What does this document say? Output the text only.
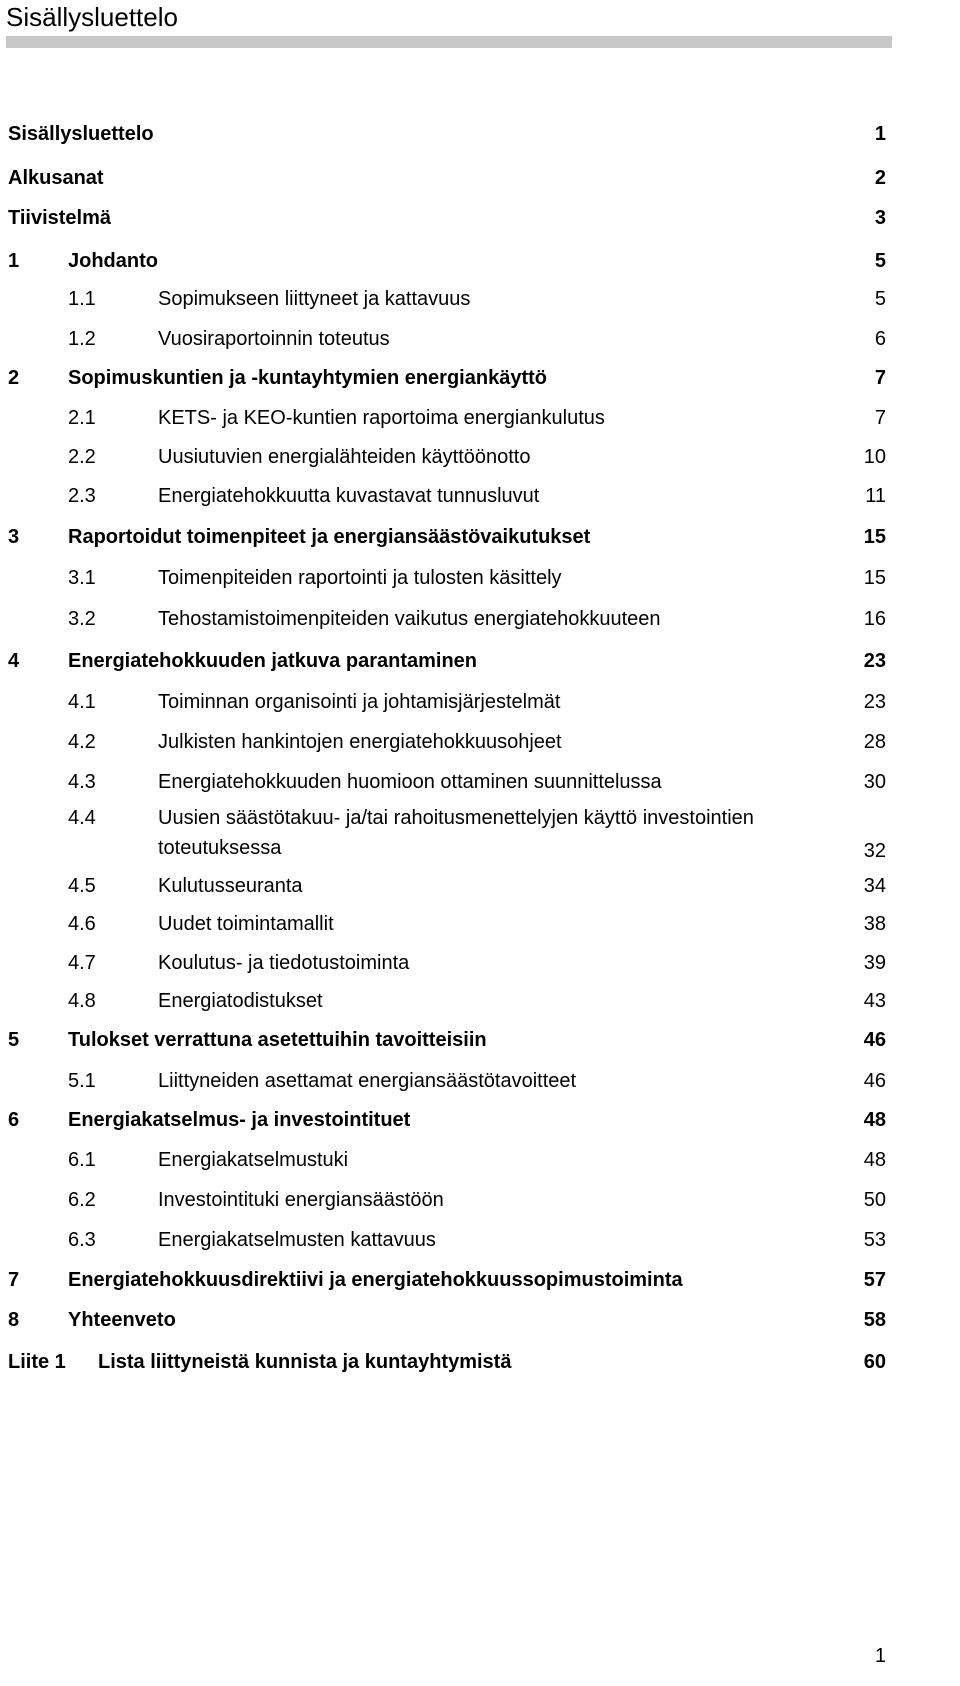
Sisällysluettelo
Sisällysluettelo	1
Alkusanat	2
Tiivistelmä	3
1 Johdanto	5
1.1	Sopimukseen liittyneet ja kattavuus	5
1.2	Vuosiraportoinnin toteutus	6
2 Sopimuskuntien ja -kuntayhtymien energiankäyttö	7
2.1	KETS- ja KEO-kuntien raportoima energiankulutus	7
2.2	Uusiutuvien energialähteiden käyttöönotto	10
2.3	Energiatehokkuutta kuvastavat tunnusluvut	11
3 Raportoidut toimenpiteet ja energiansäästövaikutukset	15
3.1	Toimenpiteiden raportointi ja tulosten käsittely	15
3.2	Tehostamistoimenpiteiden vaikutus energiatehokkuuteen	16
4 Energiatehokkuuden jatkuva parantaminen	23
4.1	Toiminnan organisointi ja johtamisjärjestelmät	23
4.2	Julkisten hankintojen energiatehokkuusohjeet	28
4.3	Energiatehokkuuden huomioon ottaminen suunnittelussa	30
4.4	Uusien säästötakuu- ja/tai rahoitusmenettelyjen käyttö investointien toteutuksessa	32
4.5	Kulutusseuranta	34
4.6	Uudet toimintamallit	38
4.7	Koulutus- ja tiedotustoiminta	39
4.8	Energiatodistukset	43
5 Tulokset verrattuna asetettuihin tavoitteisiin	46
5.1	Liittyneiden asettamat energiansäästötavoitteet	46
6 Energiakatselmus- ja investointituet	48
6.1	Energiakatselmustuki	48
6.2	Investointituki energiansäästöön	50
6.3	Energiakatselmusten kattavuus	53
7 Energiatehokkuusdirektiivi ja energiatehokkuussopimustoiminta	57
8 Yhteenveto	58
Liite 1 Lista liittyneistä kunnista ja kuntayhtymistä	60
1
